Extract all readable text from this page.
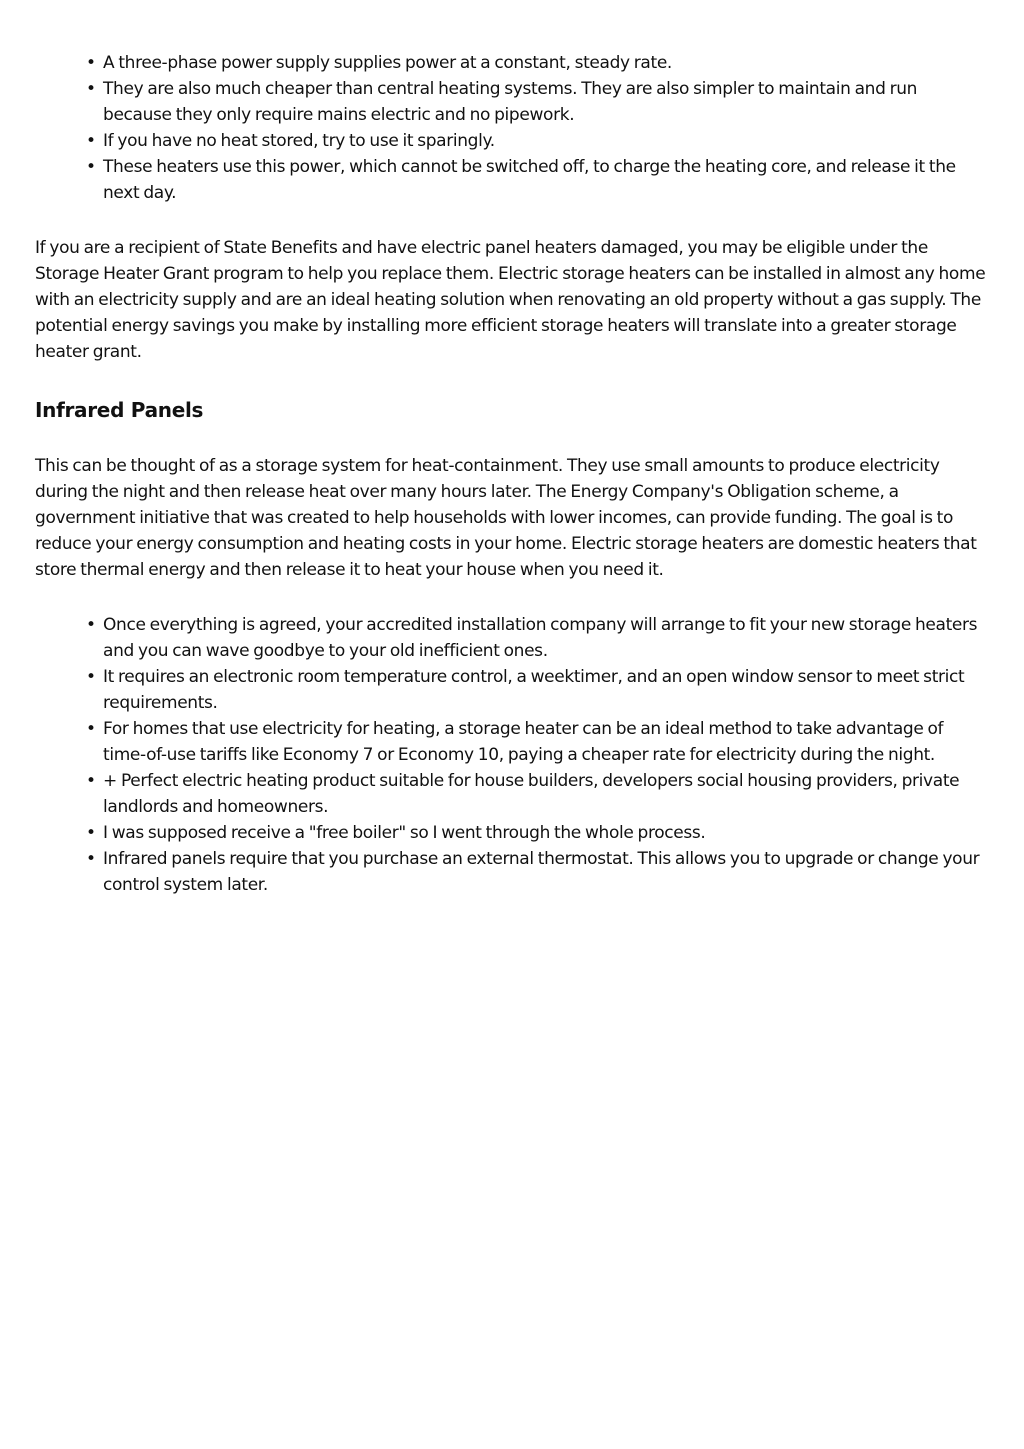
• A three-phase power supply supplies power at a constant, steady rate.
• They are also much cheaper than central heating systems. They are also simpler to maintain and run because they only require mains electric and no pipework.
• If you have no heat stored, try to use it sparingly.
• These heaters use this power, which cannot be switched off, to charge the heating core, and release it the next day.

If you are a recipient of State Benefits and have electric panel heaters damaged, you may be eligible under the Storage Heater Grant program to help you replace them. Electric storage heaters can be installed in almost any home with an electricity supply and are an ideal heating solution when renovating an old property without a gas supply. The potential energy savings you make by installing more efficient storage heaters will translate into a greater storage heater grant.

Infrared Panels

This can be thought of as a storage system for heat-containment. They use small amounts to produce electricity during the night and then release heat over many hours later. The Energy Company's Obligation scheme, a government initiative that was created to help households with lower incomes, can provide funding. The goal is to reduce your energy consumption and heating costs in your home. Electric storage heaters are domestic heaters that store thermal energy and then release it to heat your house when you need it.

• Once everything is agreed, your accredited installation company will arrange to fit your new storage heaters and you can wave goodbye to your old inefficient ones.
• It requires an electronic room temperature control, a weektimer, and an open window sensor to meet strict requirements.
• For homes that use electricity for heating, a storage heater can be an ideal method to take advantage of time-of-use tariffs like Economy 7 or Economy 10, paying a cheaper rate for electricity during the night.
• + Perfect electric heating product suitable for house builders, developers social housing providers, private landlords and homeowners.
• I was supposed receive a "free boiler" so I went through the whole process.
• Infrared panels require that you purchase an external thermostat. This allows you to upgrade or change your control system later.
